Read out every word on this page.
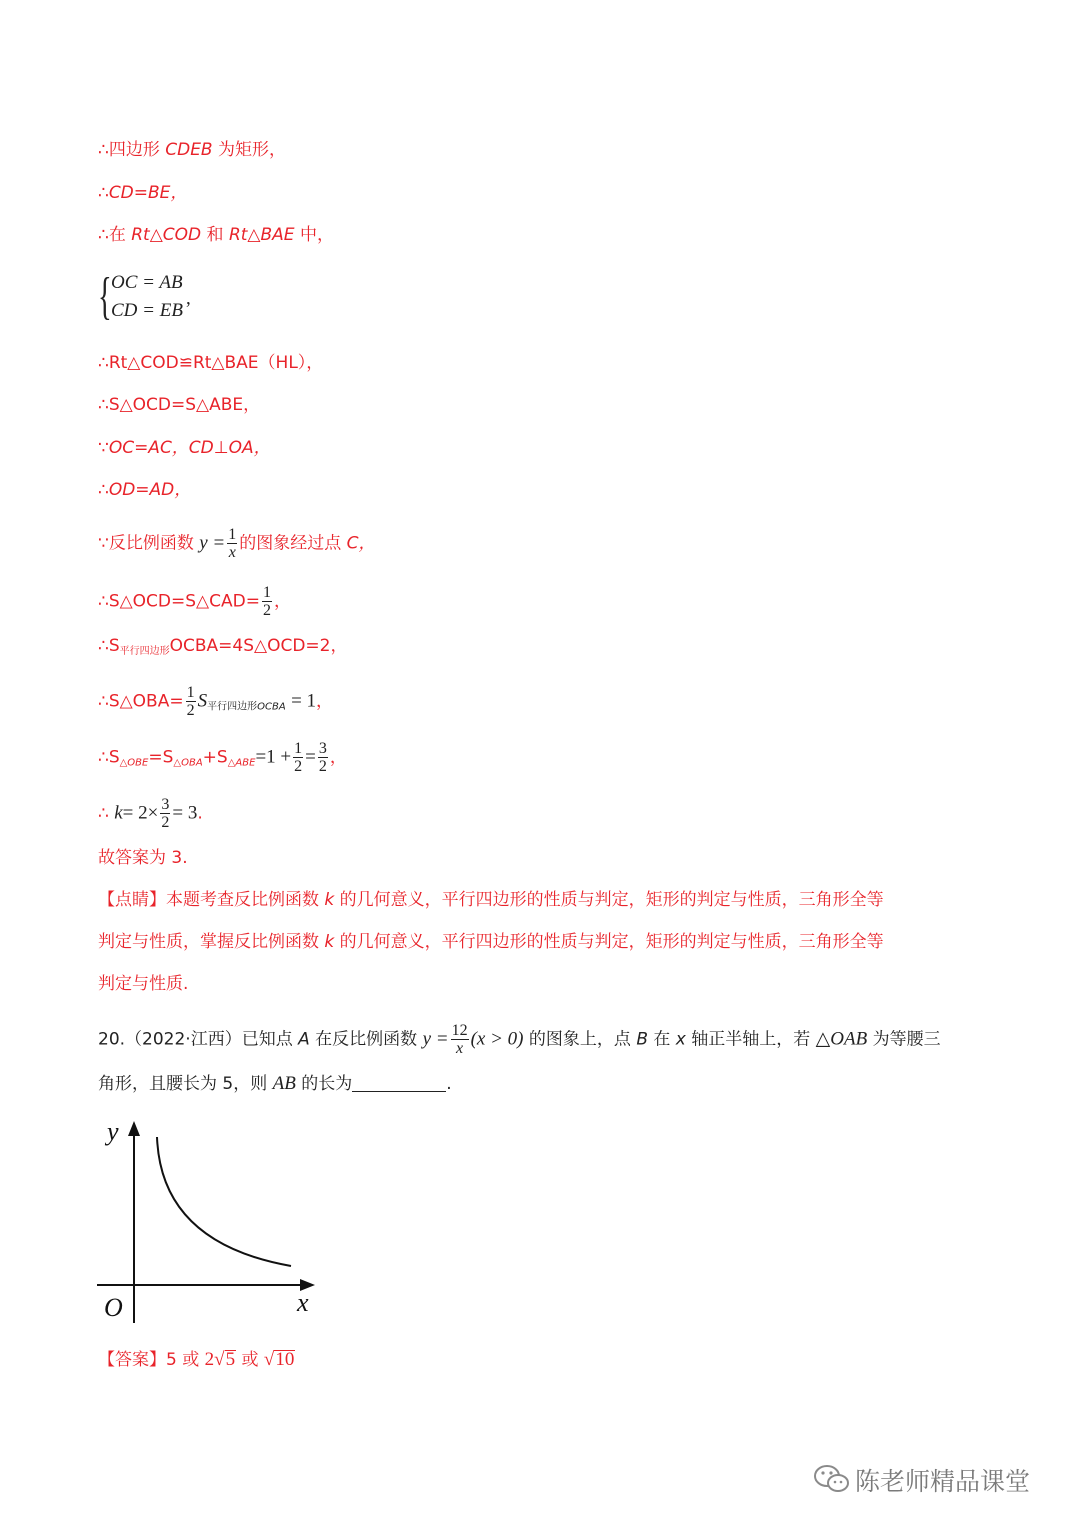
∴四边形 CDEB 为矩形，
∴CD=BE，
∴在 Rt△COD 和 Rt△BAE 中，
{ OC = AB
CD = EB
,
∴Rt△COD≌Rt△BAE（HL），
∴S△OCD=S△ABE，
∵OC=AC，CD⊥OA，
∴OD=AD，
∵反比例函数 $y = \frac{1}{x}$ 的图象经过点 C，
∴S△OCD=S△CAD= $\frac{1}{2}$ ，
$\therefore S_{平行四边形}OCBA=4S\triangle OCD=2$，
∴S△OBA= $\frac{1}{2}$ $S_{平行四边形}OCBA = 1$，
∴S△OBE=S△OBA+S△ABE=1 + $\frac{1}{2} = \frac{3}{2}$ ，
∴ $k= 2\times \frac{3}{2} = 3$.
故答案为 3.
【点睛】本题考查反比例函数 k 的几何意义，平行四边形的性质与判定，矩形的判定与性质，三角形全等
判定与性质，掌握反比例函数 k 的几何意义，平行四边形的性质与判定，矩形的判定与性质，三角形全等
判定与性质.
20.（2022·江西）已知点 A 在反比例函数 $y = \frac{12}{x} (x > 0)$ 的图象上，点 B 在 x 轴正半轴上，若 △OAB 为等腰三
角形，且腰长为 5，则 AB 的长为	.
y
x
O
【答案】5 或 2√5 或 √10
陈老师精品课堂
